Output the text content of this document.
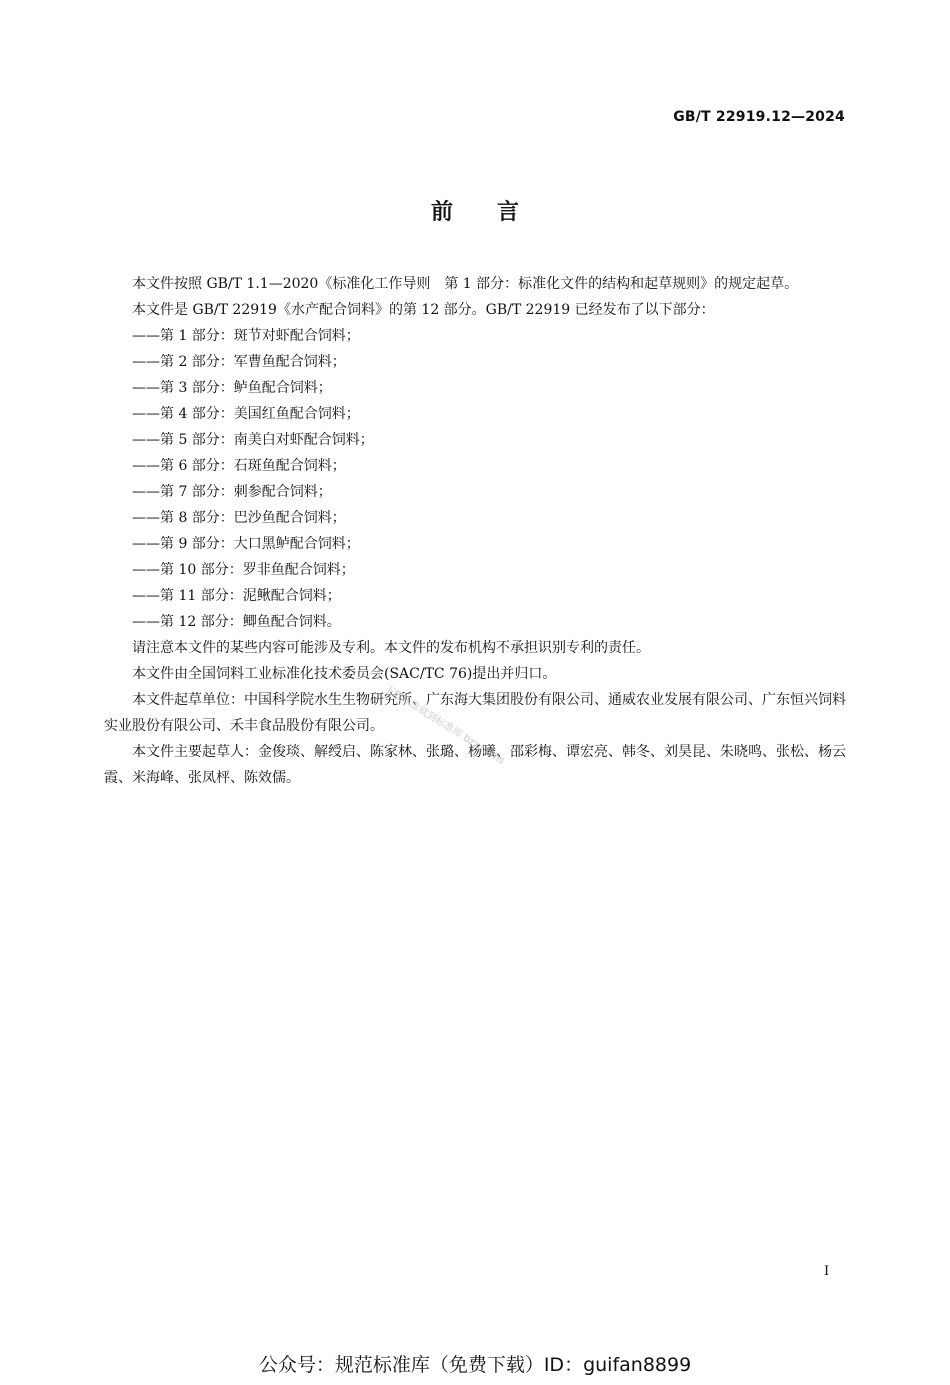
GB/T 22919.12—2024
前 言

本文件按照 GB/T 1.1—2020《标准化工作导则　第 1 部分：标准化文件的结构和起草规则》的规定起草。

本文件是 GB/T 22919《水产配合饲料》的第 12 部分。GB/T 22919 已经发布了以下部分：

——第 1 部分：斑节对虾配合饲料；

——第 2 部分：军曹鱼配合饲料；

——第 3 部分：鲈鱼配合饲料；

——第 4 部分：美国红鱼配合饲料；

——第 5 部分：南美白对虾配合饲料；

——第 6 部分：石斑鱼配合饲料；

——第 7 部分：刺参配合饲料；

——第 8 部分：巴沙鱼配合饲料；

——第 9 部分：大口黑鲈配合饲料；

——第 10 部分：罗非鱼配合饲料；

——第 11 部分：泥鳅配合饲料；

——第 12 部分：鲫鱼配合饲料。

请注意本文件的某些内容可能涉及专利。本文件的发布机构不承担识别专利的责任。

本文件由全国饲料工业标准化技术委员会(SAC/TC 76)提出并归口。

本文件起草单位：中国科学院水生生物研究所、广东海大集团股份有限公司、通威农业发展有限公司、广东恒兴饲料实业股份有限公司、禾丰食品股份有限公司。

本文件主要起草人：金俊琰、解绶启、陈家林、张璐、杨曦、邵彩梅、谭宏亮、韩冬、刘昊昆、朱晓鸣、张松、杨云霞、米海峰、张凤枰、陈效儒。

下载标准就到标准库 bzxz.cms
I
公众号：规范标准库（免费下载）ID：guifan8899
